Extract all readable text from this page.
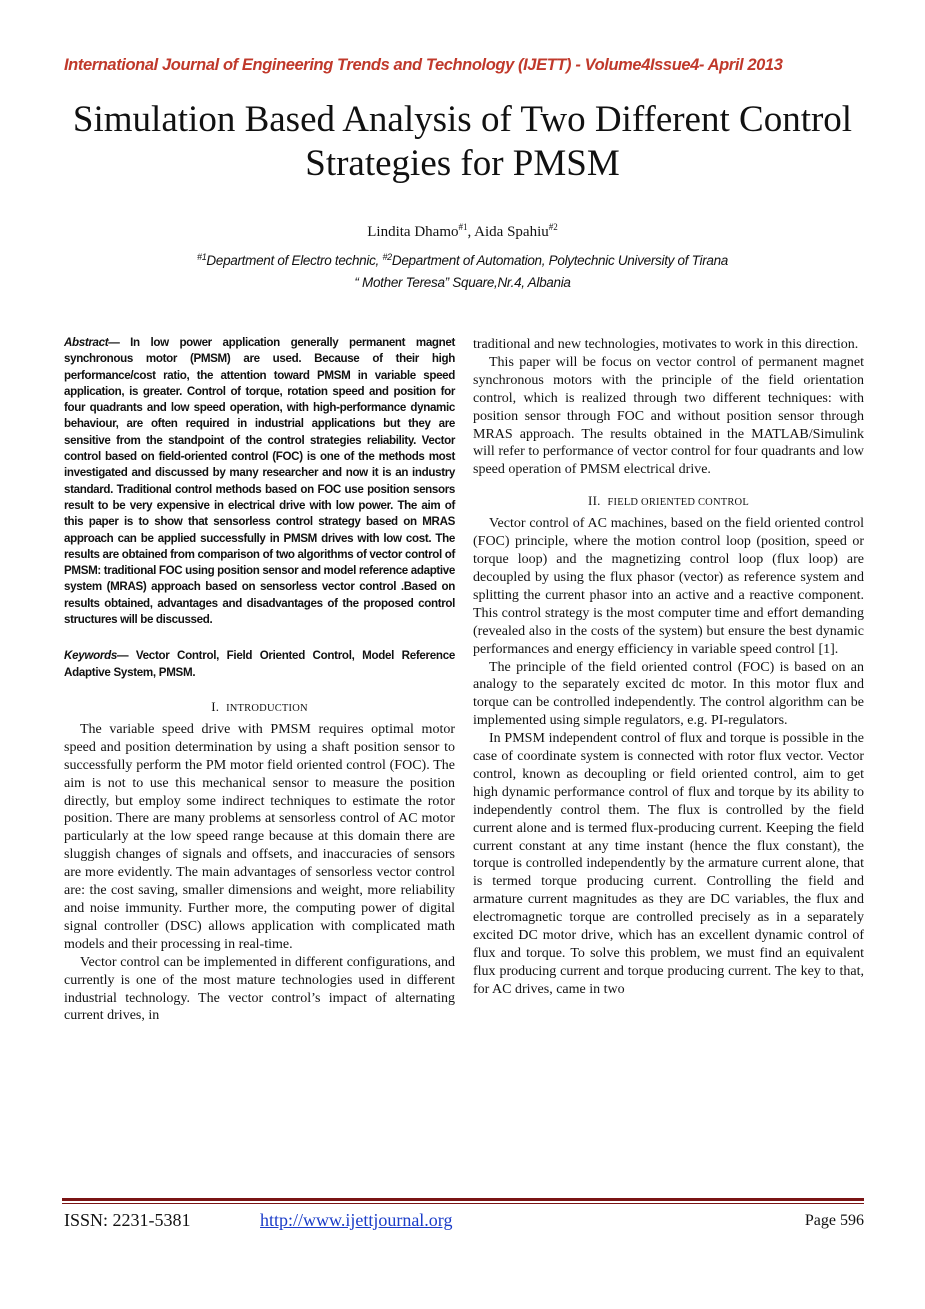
International Journal of Engineering Trends and Technology (IJETT) - Volume4Issue4- April 2013
Simulation Based Analysis of Two Different Control
Strategies for PMSM
Lindita Dhamo$^{\#1}$, Aida Spahiu$^{\#2}$
$^{\#1}$Department of Electro technic, $^{\#2}$Department of Automation, Polytechnic University of Tirana
“ Mother Teresa” Square,Nr.4, Albania

Abstract— In low power application generally permanent magnet synchronous motor (PMSM) are used. Because of their high performance/cost ratio, the attention toward PMSM in variable speed application, is greater. Control of torque, rotation speed and position for four quadrants and low speed operation, with high-performance dynamic behaviour, are often required in industrial applications but they are sensitive from the standpoint of the control strategies reliability. Vector control based on field-oriented control (FOC) is one of the methods most investigated and discussed by many researcher and now it is an industry standard. Traditional control methods based on FOC use position sensors result to be very expensive in electrical drive with low power. The aim of this paper is to show that sensorless control strategy based on MRAS approach can be applied successfully in PMSM drives with low cost. The results are obtained from comparison of two algorithms of vector control of PMSM: traditional FOC using position sensor and model reference adaptive system (MRAS) approach based on sensorless vector control .Based on results obtained, advantages and disadvantages of the proposed control structures will be discussed.

Keywords— Vector Control, Field Oriented Control, Model Reference Adaptive System, PMSM.

I. INTRODUCTION

The variable speed drive with PMSM requires optimal motor speed and position determination by using a shaft position sensor to successfully perform the PM motor field oriented control (FOC). The aim is not to use this mechanical sensor to measure the position directly, but employ some indirect techniques to estimate the rotor position. There are many problems at sensorless control of AC motor particularly at the low speed range because at this domain there are sluggish changes of signals and offsets, and inaccuracies of sensors are more evidently. The main advantages of sensorless vector control are: the cost saving, smaller dimensions and weight, more reliability and noise immunity. Further more, the computing power of digital signal controller (DSC) allows application with complicated math models and their processing in real-time.

Vector control can be implemented in different configurations, and currently is one of the most mature technologies used in different industrial technology. The vector control’s impact of alternating current drives, in

traditional and new technologies, motivates to work in this direction.

This paper will be focus on vector control of permanent magnet synchronous motors with the principle of the field orientation control, which is realized through two different techniques: with position sensor through FOC and without position sensor through MRAS approach. The results obtained in the MATLAB/Simulink will refer to performance of vector control for four quadrants and low speed operation of PMSM electrical drive.

II. FIELD ORIENTED CONTROL

Vector control of AC machines, based on the field oriented control (FOC) principle, where the motion control loop (position, speed or torque loop) and the magnetizing control loop (flux loop) are decoupled by using the flux phasor (vector) as reference system and splitting the current phasor into an active and a reactive component. This control strategy is the most computer time and effort demanding (revealed also in the costs of the system) but ensure the best dynamic performances and energy efficiency in variable speed control [1].

The principle of the field oriented control (FOC) is based on an analogy to the separately excited dc motor. In this motor flux and torque can be controlled independently. The control algorithm can be implemented using simple regulators, e.g. PI-regulators.

In PMSM independent control of flux and torque is possible in the case of coordinate system is connected with rotor flux vector. Vector control, known as decoupling or field oriented control, aim to get high dynamic performance control of flux and torque by its ability to independently control them. The flux is controlled by the field current alone and is termed flux-producing current. Keeping the field current constant at any time instant (hence the flux constant), the torque is controlled independently by the armature current alone, that is termed torque producing current. Controlling the field and armature current magnitudes as they are DC variables, the flux and electromagnetic torque are controlled precisely as in a separately excited DC motor drive, which has an excellent dynamic control of flux and torque. To solve this problem, we must find an equivalent flux producing current and torque producing current. The key to that, for AC drives, came in two

ISSN: 2231-5381	http://www.ijettjournal.org	Page 596
